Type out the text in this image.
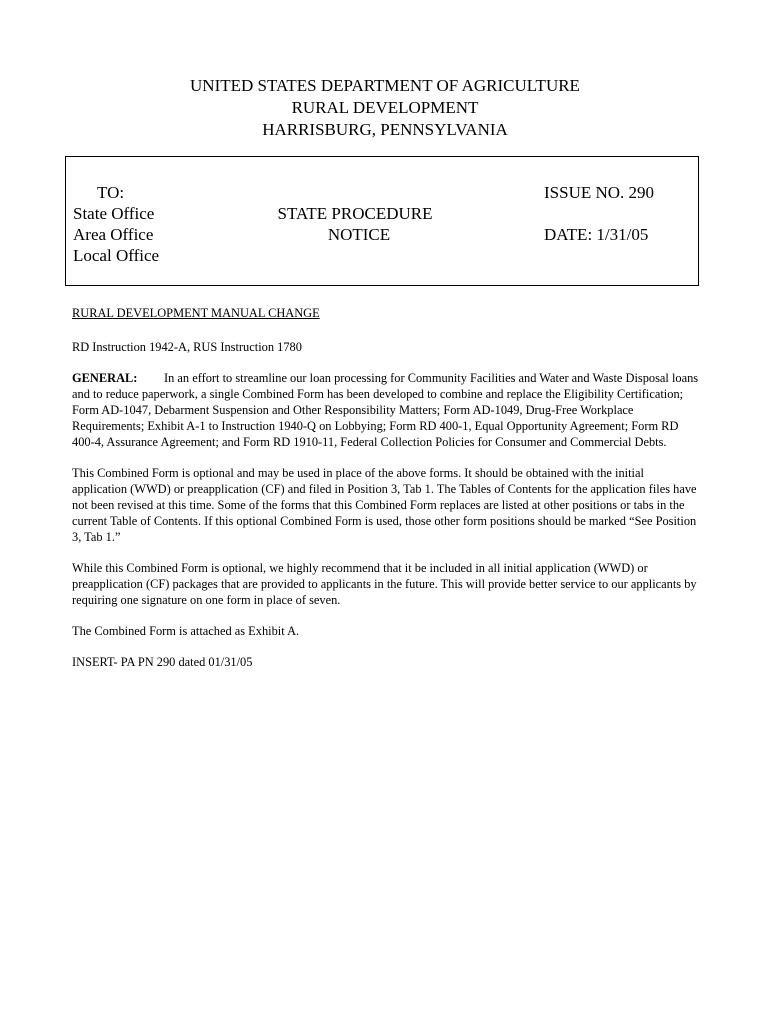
UNITED STATES DEPARTMENT OF AGRICULTURE
RURAL DEVELOPMENT
HARRISBURG, PENNSYLVANIA
TO:
State Office
Area Office
Local Office
STATE PROCEDURE
NOTICE
ISSUE NO. 290
DATE: 1/31/05
RURAL DEVELOPMENT MANUAL CHANGE
RD Instruction 1942-A, RUS Instruction 1780
GENERAL: In an effort to streamline our loan processing for Community Facilities and Water and Waste Disposal loans and to reduce paperwork, a single Combined Form has been developed to combine and replace the Eligibility Certification; Form AD-1047, Debarment Suspension and Other Responsibility Matters; Form AD-1049, Drug-Free Workplace Requirements; Exhibit A-1 to Instruction 1940-Q on Lobbying; Form RD 400-1, Equal Opportunity Agreement; Form RD 400-4, Assurance Agreement; and Form RD 1910-11, Federal Collection Policies for Consumer and Commercial Debts.
This Combined Form is optional and may be used in place of the above forms. It should be obtained with the initial application (WWD) or preapplication (CF) and filed in Position 3, Tab 1. The Tables of Contents for the application files have not been revised at this time. Some of the forms that this Combined Form replaces are listed at other positions or tabs in the current Table of Contents. If this optional Combined Form is used, those other form positions should be marked “See Position 3, Tab 1.”
While this Combined Form is optional, we highly recommend that it be included in all initial application (WWD) or preapplication (CF) packages that are provided to applicants in the future. This will provide better service to our applicants by requiring one signature on one form in place of seven.
The Combined Form is attached as Exhibit A.
INSERT- PA PN 290 dated 01/31/05
